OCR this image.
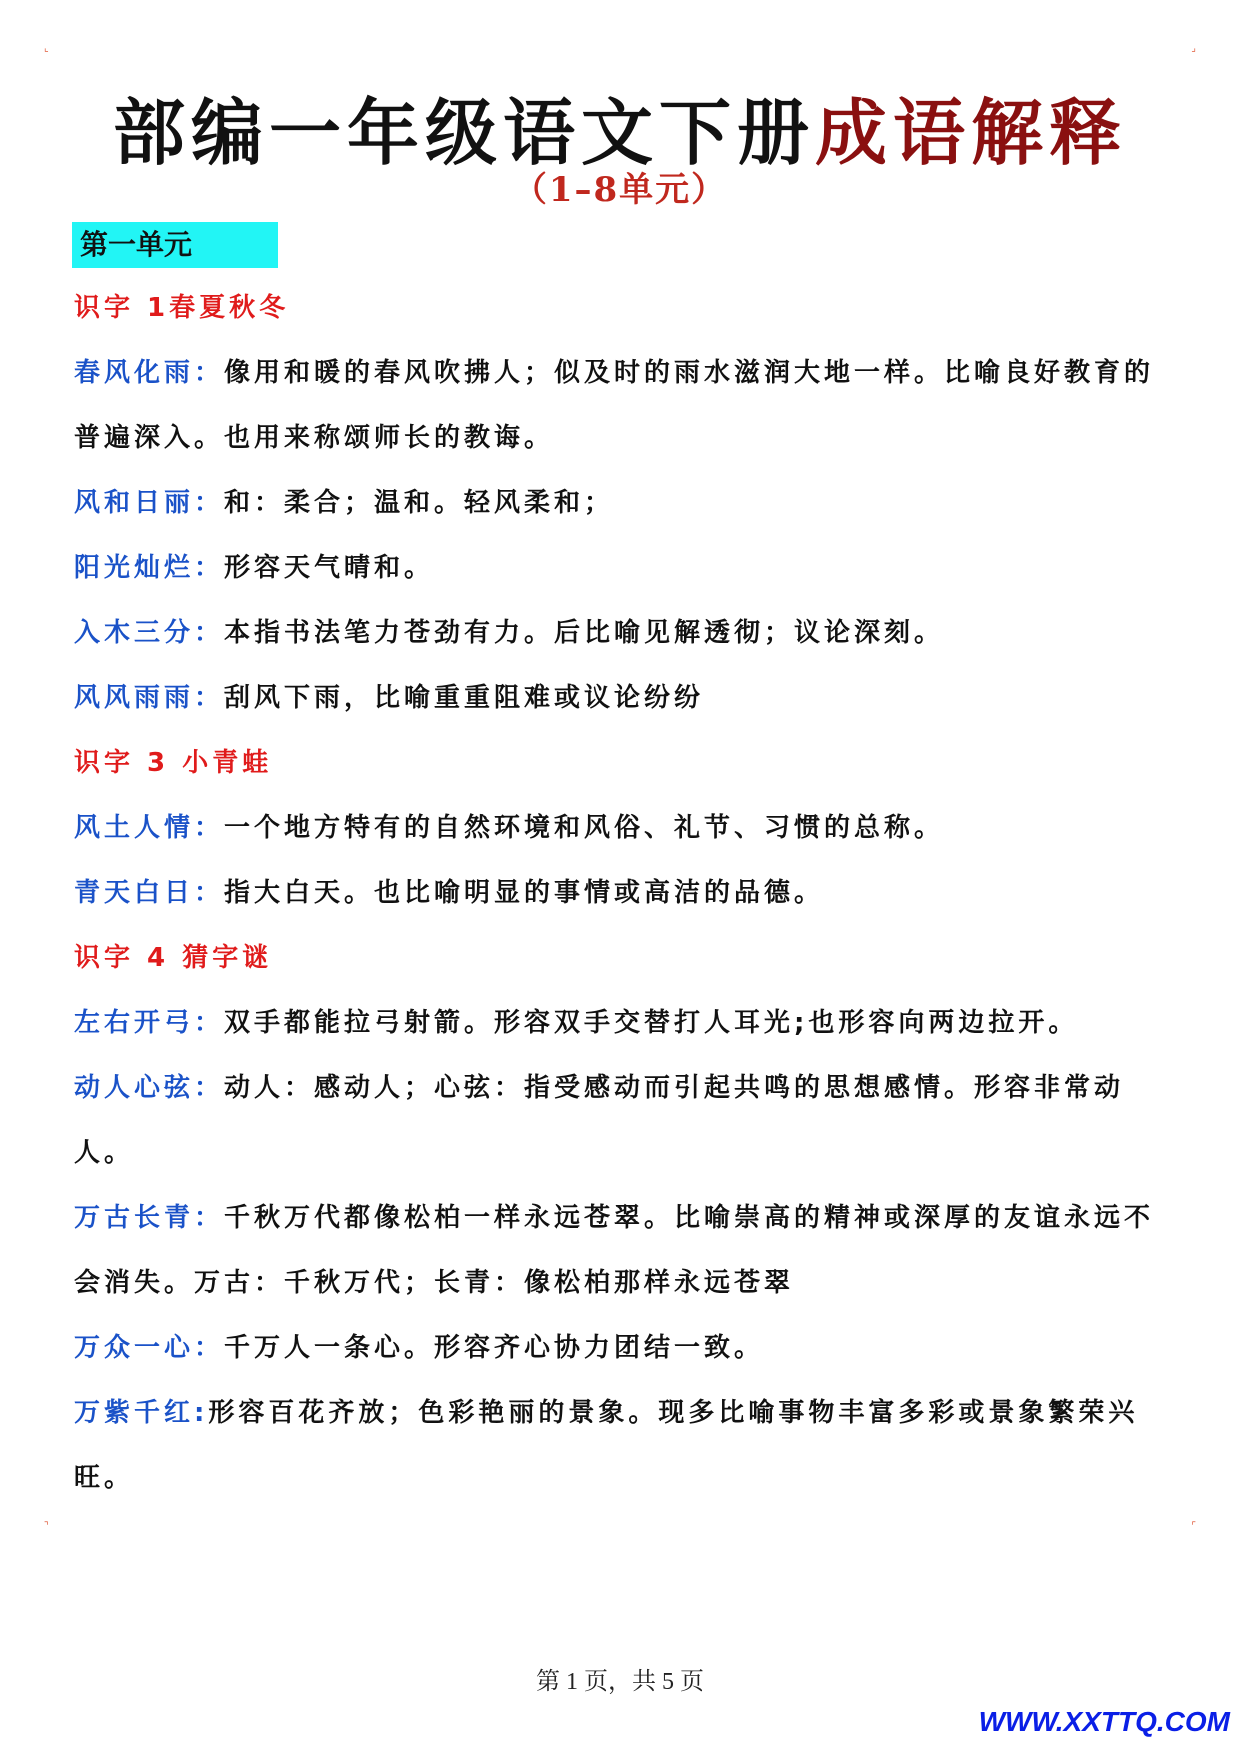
⌞	⌟
⌝	⌜
部编一年级语文下册成语解释
（1–8单元）
第一单元
识字 1春夏秋冬
春风化雨：像用和暖的春风吹拂人；似及时的雨水滋润大地一样。比喻良好教育的普遍深入。也用来称颂师长的教诲。
风和日丽：和：柔合；温和。轻风柔和；
阳光灿烂：形容天气晴和。
入木三分：本指书法笔力苍劲有力。后比喻见解透彻；议论深刻。
风风雨雨：刮风下雨，比喻重重阻难或议论纷纷
识字 3 小青蛙
风土人情：一个地方特有的自然环境和风俗、礼节、习惯的总称。
青天白日：指大白天。也比喻明显的事情或高洁的品德。
识字 4 猜字谜
左右开弓：双手都能拉弓射箭。形容双手交替打人耳光;也形容向两边拉开。
动人心弦：动人：感动人；心弦：指受感动而引起共鸣的思想感情。形容非常动人。
万古长青：千秋万代都像松柏一样永远苍翠。比喻崇高的精神或深厚的友谊永远不会消失。万古：千秋万代；长青：像松柏那样永远苍翠
万众一心：千万人一条心。形容齐心协力团结一致。
万紫千红:形容百花齐放；色彩艳丽的景象。现多比喻事物丰富多彩或景象繁荣兴旺。
第 1 页，共 5 页
WWW.XXTTQ.COM
